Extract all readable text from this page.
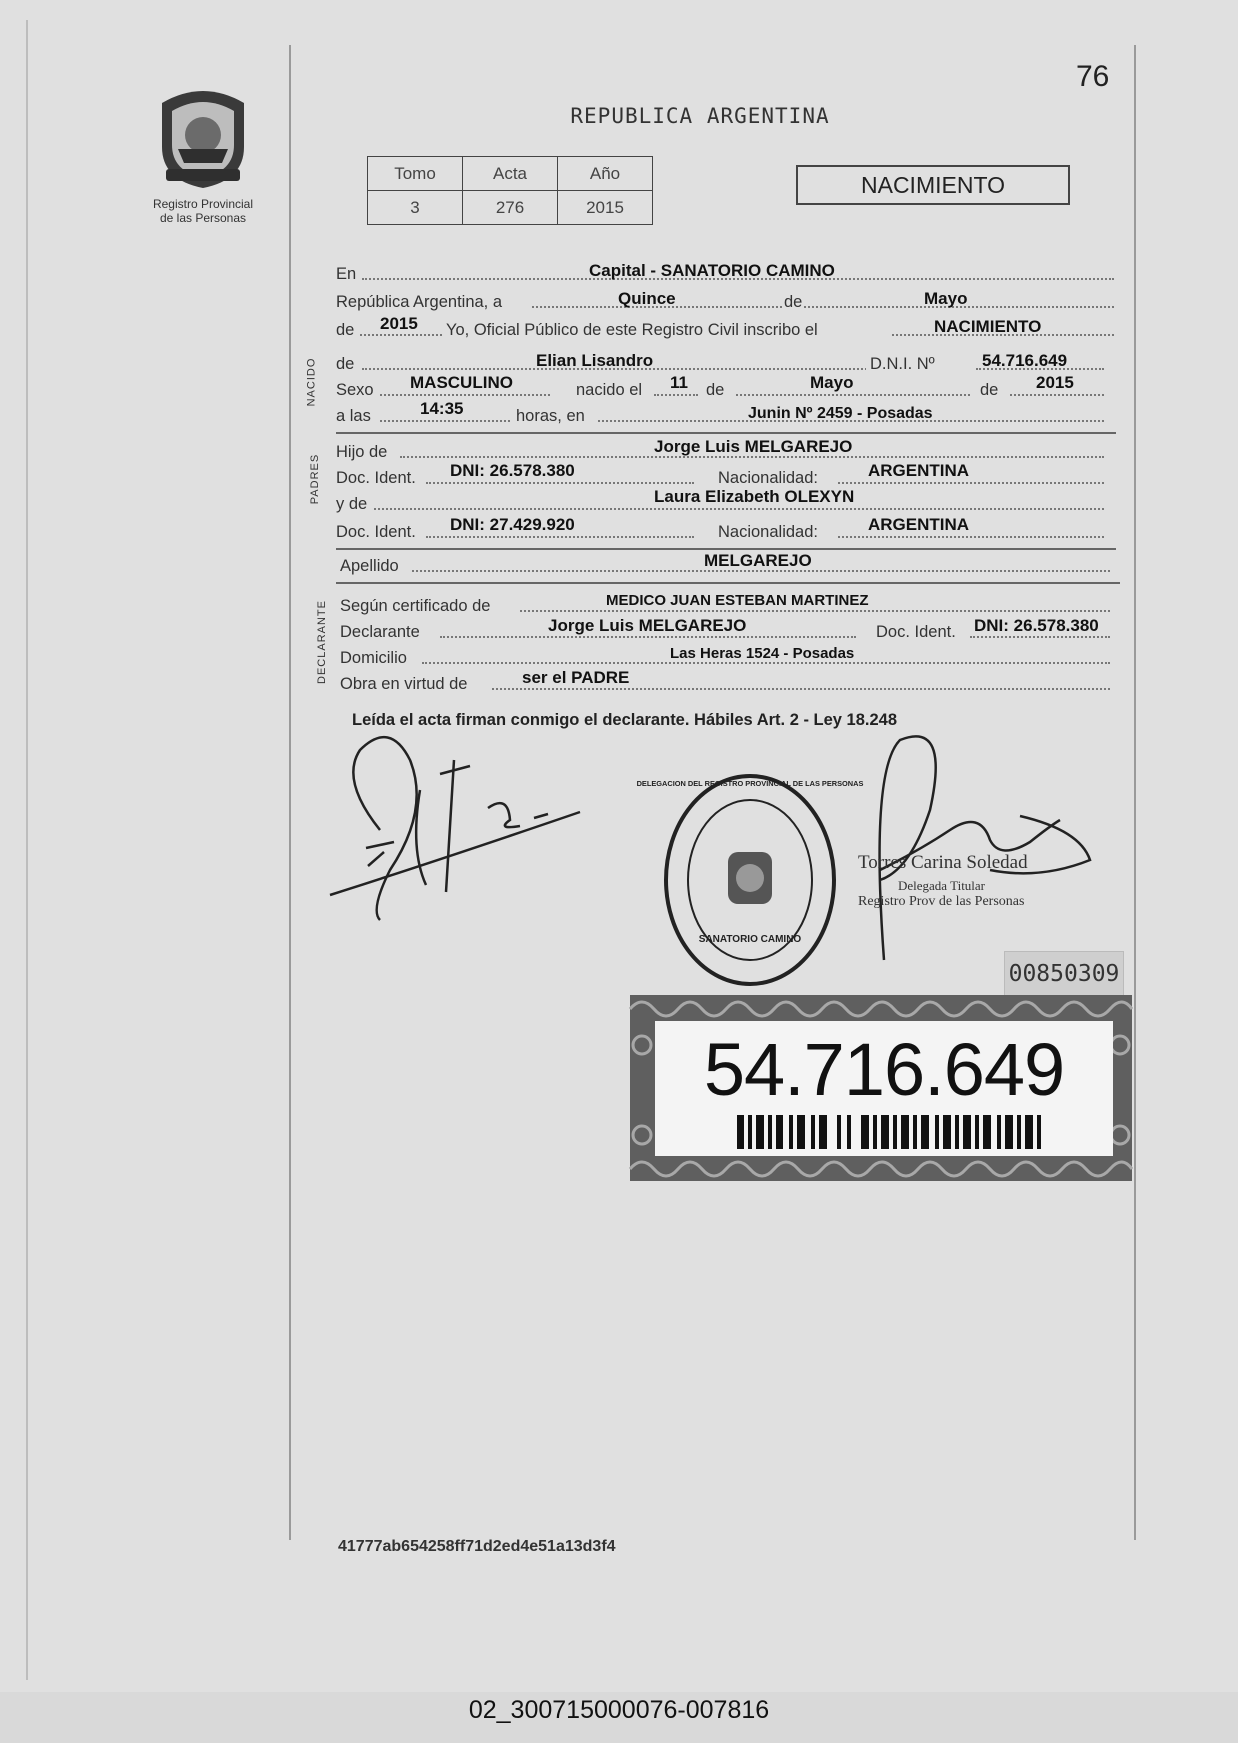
Registro Provincial
de las Personas
76
REPUBLICA ARGENTINA
Tomo	Acta	Año
3	276	2015
NACIMIENTO
En	Capital - SANATORIO CAMINO
República Argentina, a	Quince	de	Mayo
de 2015 Yo, Oficial Público de este Registro Civil inscribo el	NACIMIENTO
NACIDO de	Elian Lisandro	D.N.I. Nº	54.716.649
Sexo MASCULINO	nacido el 11 de	Mayo	de 2015
a las	14:35	horas, en	Junin Nº 2459 - Posadas
PADRES
Hijo de	Jorge Luis MELGAREJO
Doc. Ident. DNI: 26.578.380	Nacionalidad:	ARGENTINA
y de	Laura Elizabeth OLEXYN
Doc. Ident. DNI: 27.429.920	Nacionalidad:	ARGENTINA
Apellido	MELGAREJO
DECLARANTE Según certificado de	MEDICO JUAN ESTEBAN MARTINEZ
Declarante	Jorge Luis MELGAREJO	Doc. Ident. DNI: 26.578.380
Domicilio	Las Heras 1524 - Posadas
Obra en virtud de	ser el PADRE
Leída el acta firman conmigo el declarante. Hábiles Art. 2 - Ley 18.248
SANATORIO CAMINO
DELEGACION DEL REGISTRO PROVINCIAL DE LAS PERSONAS
Torres Carina Soledad
Delegada Titular
Registro Prov de las Personas
00850309
54.716.649
41777ab654258ff71d2ed4e51a13d3f4
02_300715000076-007816
